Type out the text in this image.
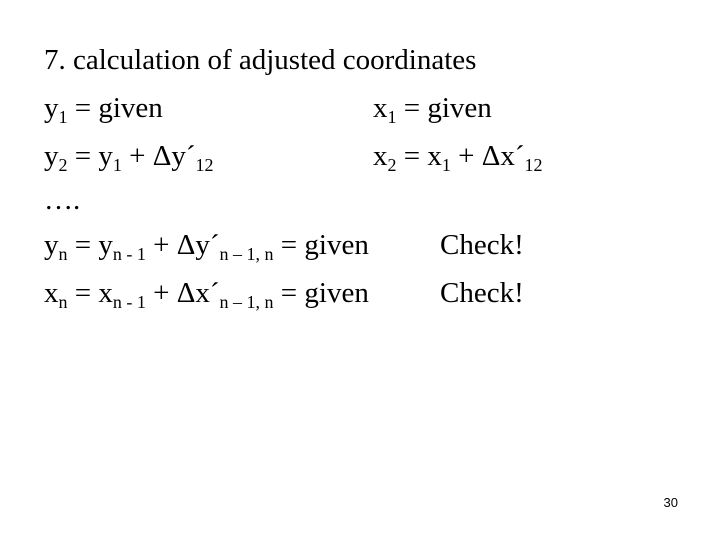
7. calculation of adjusted coordinates
$y_1$ = given	$x_1$ = given
$y_2 = y_1$ + $\Delta y´_{12}$	$x_2 = x_1$ + $\Delta x´_{12}$
….
$y_n = y_{n - 1}$ + $\Delta y´_{n - 1, n}$ = given Check!
$x_n = x_{n - 1}$ + $\Delta x´_{n - 1, n}$ = given Check!
30
